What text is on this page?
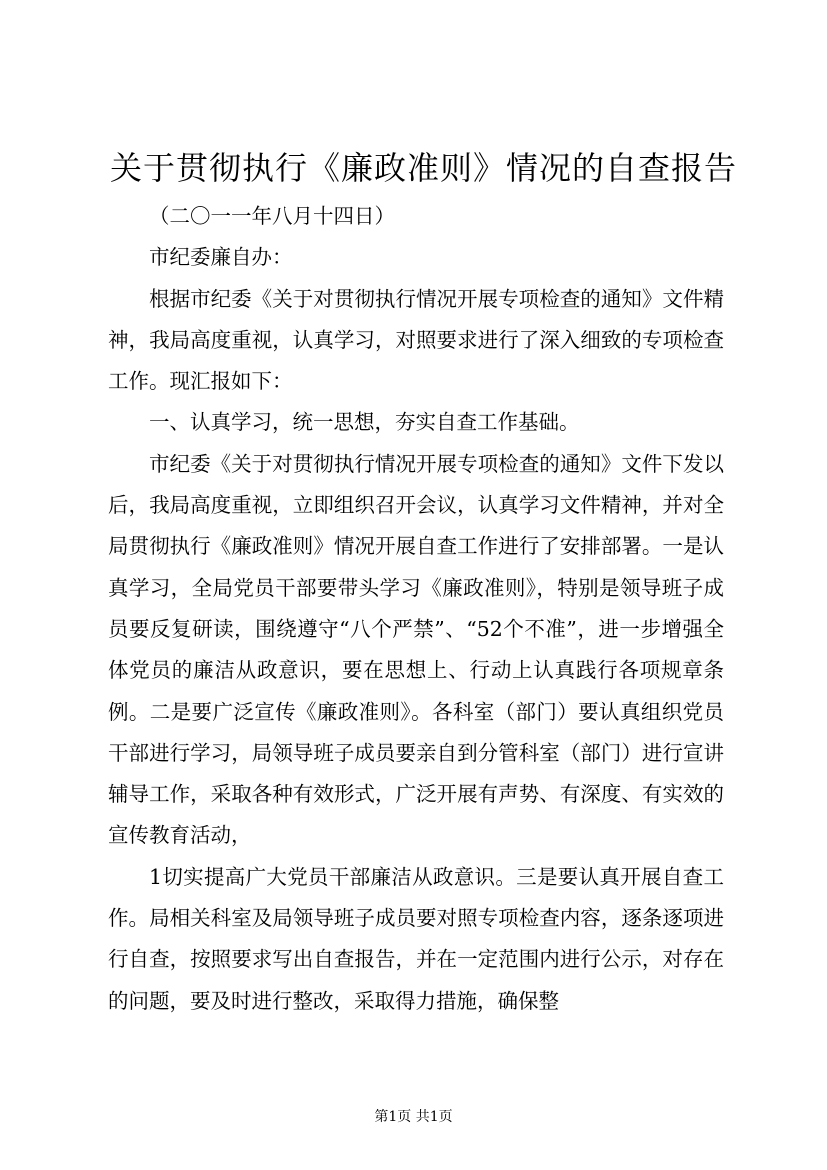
关于贯彻执行《廉政准则》情况的自查报告

（二〇一一年八月十四日）

市纪委廉自办：

根据市纪委《关于对贯彻执行情况开展专项检查的通知》文件精神，我局高度重视，认真学习，对照要求进行了深入细致的专项检查工作。现汇报如下：

一、认真学习，统一思想，夯实自查工作基础。

市纪委《关于对贯彻执行情况开展专项检查的通知》文件下发以后，我局高度重视，立即组织召开会议，认真学习文件精神，并对全局贯彻执行《廉政准则》情况开展自查工作进行了安排部署。一是认真学习，全局党员干部要带头学习《廉政准则》，特别是领导班子成员要反复研读，围绕遵守“八个严禁”、“52个不准”，进一步增强全体党员的廉洁从政意识，要在思想上、行动上认真践行各项规章条例。二是要广泛宣传《廉政准则》。各科室（部门）要认真组织党员干部进行学习，局领导班子成员要亲自到分管科室（部门）进行宣讲辅导工作，采取各种有效形式，广泛开展有声势、有深度、有实效的宣传教育活动，

1切实提高广大党员干部廉洁从政意识。三是要认真开展自查工作。局相关科室及局领导班子成员要对照专项检查内容，逐条逐项进行自查，按照要求写出自查报告，并在一定范围内进行公示，对存在的问题，要及时进行整改，采取得力措施，确保整

第1页 共1页
